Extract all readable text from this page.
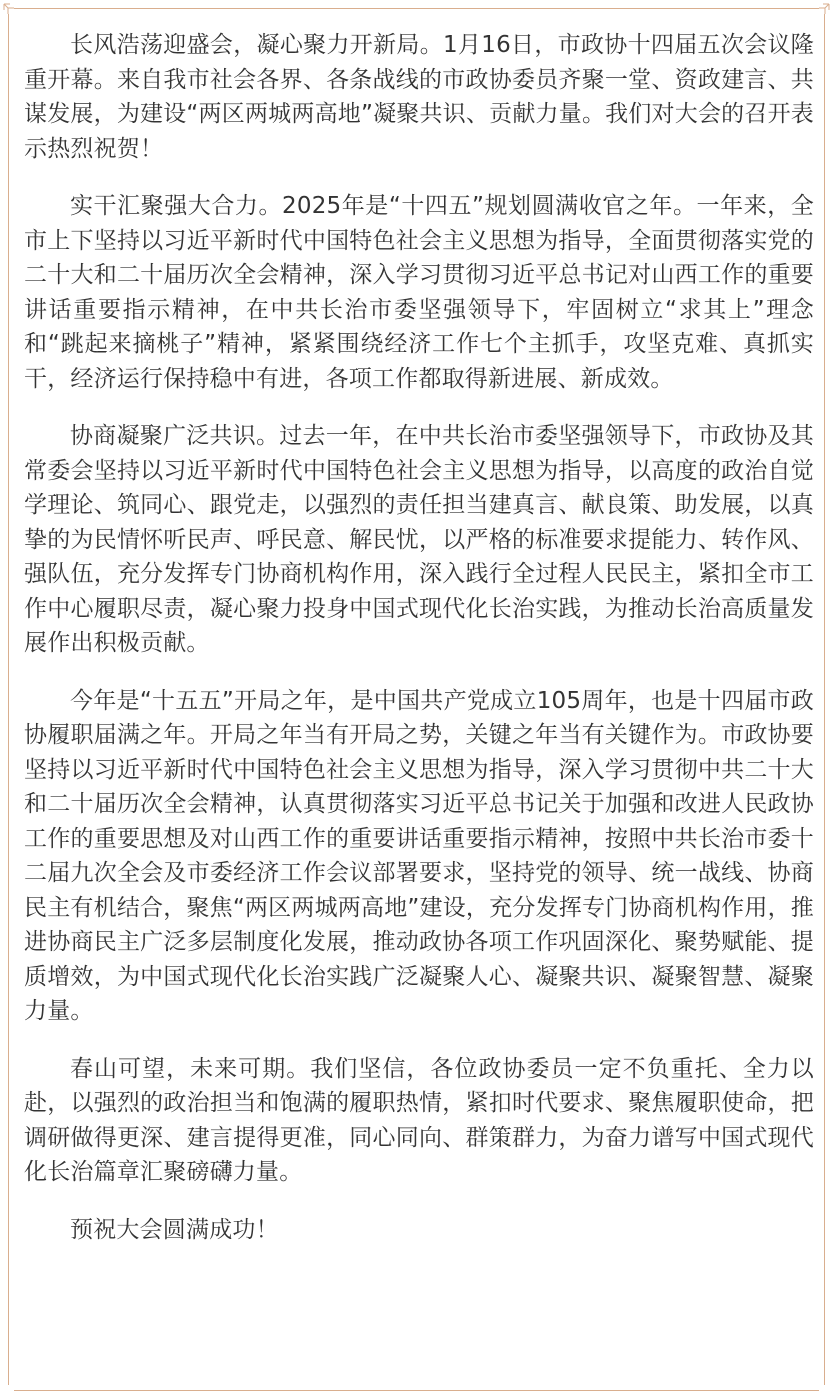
长风浩荡迎盛会，凝心聚力开新局。1月16日，市政协十四届五次会议隆重开幕。来自我市社会各界、各条战线的市政协委员齐聚一堂、资政建言、共谋发展，为建设“两区两城两高地”凝聚共识、贡献力量。我们对大会的召开表示热烈祝贺！

实干汇聚强大合力。2025年是“十四五”规划圆满收官之年。一年来，全市上下坚持以习近平新时代中国特色社会主义思想为指导，全面贯彻落实党的二十大和二十届历次全会精神，深入学习贯彻习近平总书记对山西工作的重要讲话重要指示精神，在中共长治市委坚强领导下，牢固树立“求其上”理念和“跳起来摘桃子”精神，紧紧围绕经济工作七个主抓手，攻坚克难、真抓实干，经济运行保持稳中有进，各项工作都取得新进展、新成效。

协商凝聚广泛共识。过去一年，在中共长治市委坚强领导下，市政协及其常委会坚持以习近平新时代中国特色社会主义思想为指导，以高度的政治自觉学理论、筑同心、跟党走，以强烈的责任担当建真言、献良策、助发展，以真挚的为民情怀听民声、呼民意、解民忧，以严格的标准要求提能力、转作风、强队伍，充分发挥专门协商机构作用，深入践行全过程人民民主，紧扣全市工作中心履职尽责，凝心聚力投身中国式现代化长治实践，为推动长治高质量发展作出积极贡献。

今年是“十五五”开局之年，是中国共产党成立105周年，也是十四届市政协履职届满之年。开局之年当有开局之势，关键之年当有关键作为。市政协要坚持以习近平新时代中国特色社会主义思想为指导，深入学习贯彻中共二十大和二十届历次全会精神，认真贯彻落实习近平总书记关于加强和改进人民政协工作的重要思想及对山西工作的重要讲话重要指示精神，按照中共长治市委十二届九次全会及市委经济工作会议部署要求，坚持党的领导、统一战线、协商民主有机结合，聚焦“两区两城两高地”建设，充分发挥专门协商机构作用，推进协商民主广泛多层制度化发展，推动政协各项工作巩固深化、聚势赋能、提质增效，为中国式现代化长治实践广泛凝聚人心、凝聚共识、凝聚智慧、凝聚力量。

春山可望，未来可期。我们坚信，各位政协委员一定不负重托、全力以赴，以强烈的政治担当和饱满的履职热情，紧扣时代要求、聚焦履职使命，把调研做得更深、建言提得更准，同心同向、群策群力，为奋力谱写中国式现代化长治篇章汇聚磅礴力量。

预祝大会圆满成功！
